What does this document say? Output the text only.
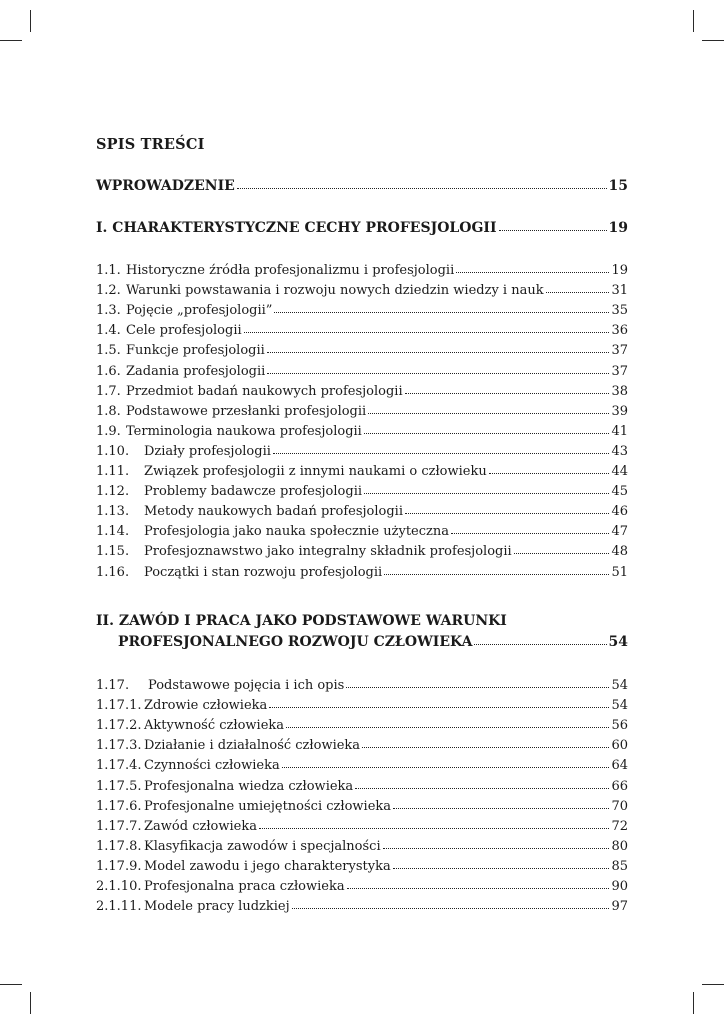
SPIS TREŚCI
WPROWADZENIE	15
I. CHARAKTERYSTYCZNE CECHY PROFESJOLOGII	19
1.1. Historyczne źródła profesjonalizmu i profesjologii	19
1.2. Warunki powstawania i rozwoju nowych dziedzin wiedzy i nauk	31
1.3. Pojęcie „profesjologii”	35
1.4. Cele profesjologii	36
1.5. Funkcje profesjologii	37
1.6. Zadania profesjologii	37
1.7. Przedmiot badań naukowych profesjologii	38
1.8. Podstawowe przesłanki profesjologii	39
1.9. Terminologia naukowa profesjologii	41
1.10.	Działy profesjologii	43
1.11.	Związek profesjologii z innymi naukami o człowieku	44
1.12.	Problemy badawcze profesjologii	45
1.13.	Metody naukowych badań profesjologii	46
1.14.	Profesjologia jako nauka społecznie użyteczna	47
1.15.	Profesjoznawstwo jako integralny składnik profesjologii	48
1.16.	Początki i stan rozwoju profesjologii	51
II. ZAWÓD I PRACA JAKO PODSTAWOWE WARUNKI
PROFESJONALNEGO ROZWOJU CZŁOWIEKA	54
1.17.	Podstawowe pojęcia i ich opis	54
1.17.1. Zdrowie człowieka	54
1.17.2. Aktywność człowieka	56
1.17.3. Działanie i działalność człowieka	60
1.17.4. Czynności człowieka	64
1.17.5. Profesjonalna wiedza człowieka	66
1.17.6. Profesjonalne umiejętności człowieka	70
1.17.7. Zawód człowieka	72
1.17.8. Klasyfikacja zawodów i specjalności	80
1.17.9. Model zawodu i jego charakterystyka	85
2.1.10. Profesjonalna praca człowieka	90
2.1.11. Modele pracy ludzkiej	97
